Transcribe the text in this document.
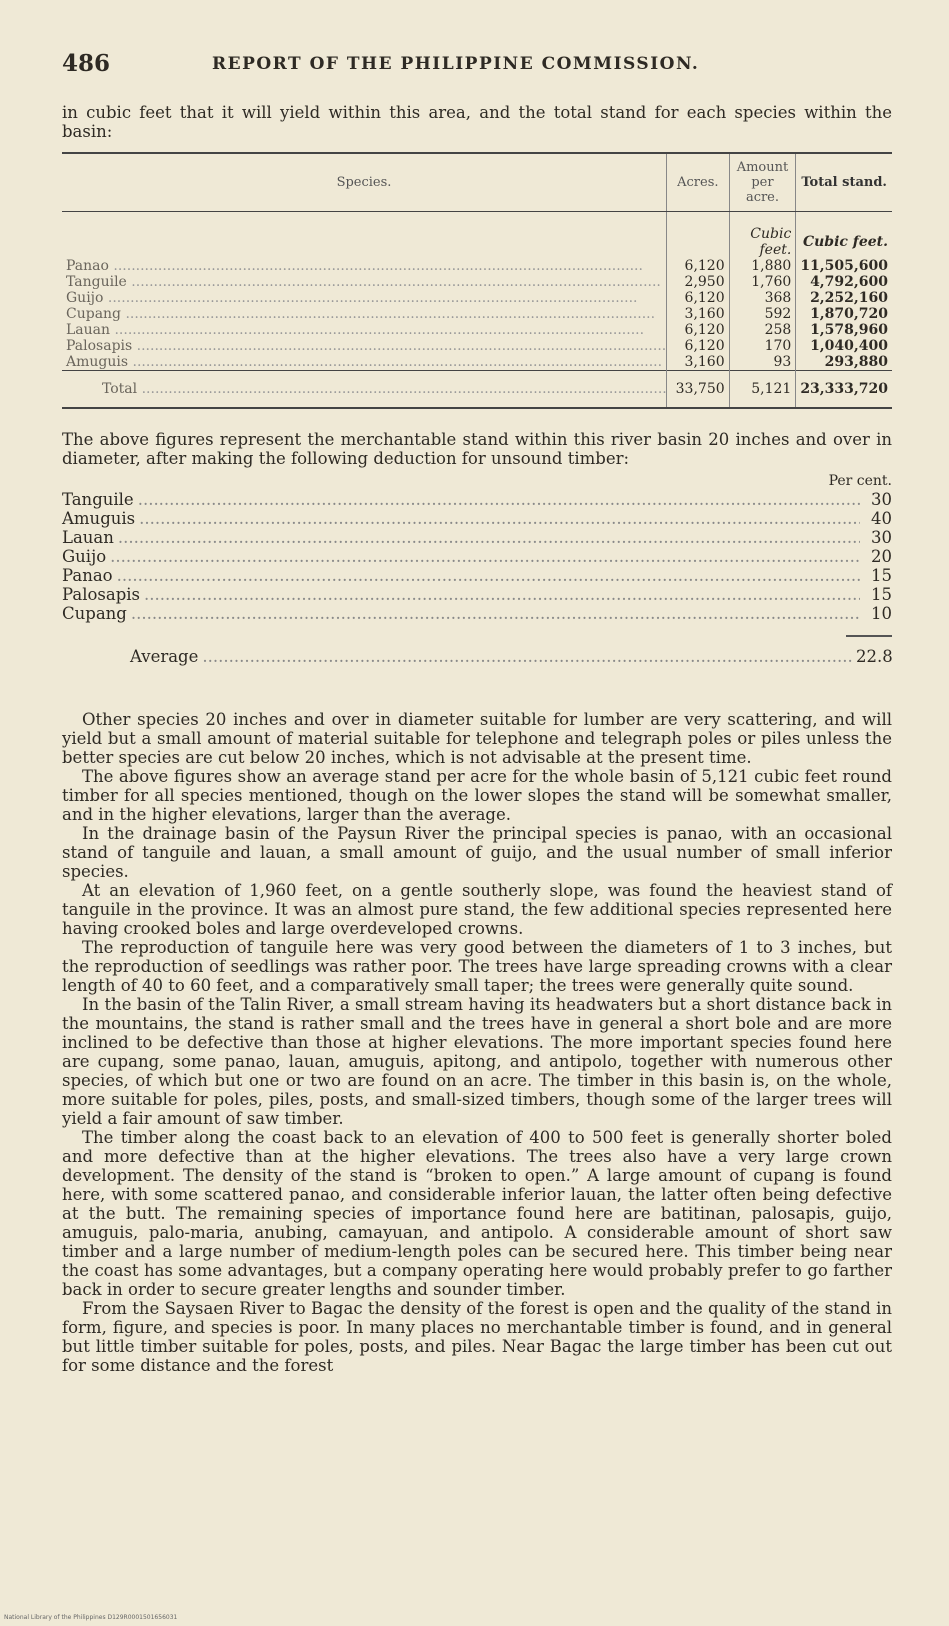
486	REPORT OF THE PHILIPPINE COMMISSION.
in cubic feet that it will yield within this area, and the total stand for each species within the basin:
Species.	Acres.	Amount per acre.	Total stand.
		Cubic feet.	Cubic feet.
Panao .....	6,120	1,880	11,505,600
Tanguile .....	2,950	1,760	4,792,600
Guijo .....	6,120	368	2,252,160
Cupang .....	3,160	592	1,870,720
Lauan .....	6,120	258	1,578,960
Palosapis .....	6,120	170	1,040,400
Amuguis .....	3,160	93	293,880
Total .....	33,750	5,121	23,333,720
The above figures represent the merchantable stand within this river basin 20 inches and over in diameter, after making the following deduction for unsound timber:
Per cent.
Tanguile .....	30
Amuguis .....	40
Lauan .....	30
Guijo .....	20
Panao .....	15
Palosapis .....	15
Cupang .....	10
Average .....	22.8

Other species 20 inches and over in diameter suitable for lumber are very scattering, and will yield but a small amount of material suitable for telephone and telegraph poles or piles unless the better species are cut below 20 inches, which is not advisable at the present time.

The above figures show an average stand per acre for the whole basin of 5,121 cubic feet round timber for all species mentioned, though on the lower slopes the stand will be somewhat smaller, and in the higher elevations, larger than the average.

In the drainage basin of the Paysun River the principal species is panao, with an occasional stand of tanguile and lauan, a small amount of guijo, and the usual number of small inferior species.

At an elevation of 1,960 feet, on a gentle southerly slope, was found the heaviest stand of tanguile in the province. It was an almost pure stand, the few additional species represented here having crooked boles and large overdeveloped crowns.

The reproduction of tanguile here was very good between the diameters of 1 to 3 inches, but the reproduction of seedlings was rather poor. The trees have large spreading crowns with a clear length of 40 to 60 feet, and a comparatively small taper; the trees were generally quite sound.

In the basin of the Talin River, a small stream having its headwaters but a short distance back in the mountains, the stand is rather small and the trees have in general a short bole and are more inclined to be defective than those at higher elevations. The more important species found here are cupang, some panao, lauan, amuguis, apitong, and antipolo, together with numerous other species, of which but one or two are found on an acre. The timber in this basin is, on the whole, more suitable for poles, piles, posts, and small-sized timbers, though some of the larger trees will yield a fair amount of saw timber.

The timber along the coast back to an elevation of 400 to 500 feet is generally shorter boled and more defective than at the higher elevations. The trees also have a very large crown development. The density of the stand is “broken to open.” A large amount of cupang is found here, with some scattered panao, and considerable inferior lauan, the latter often being defective at the butt. The remaining species of importance found here are batitinan, palosapis, guijo, amuguis, palo-maria, anubing, camayuan, and antipolo. A considerable amount of short saw timber and a large number of medium-length poles can be secured here. This timber being near the coast has some advantages, but a company operating here would probably prefer to go farther back in order to secure greater lengths and sounder timber.

From the Saysaen River to Bagac the density of the forest is open and the quality of the stand in form, figure, and species is poor. In many places no merchantable timber is found, and in general but little timber suitable for poles, posts, and piles. Near Bagac the large timber has been cut out for some distance and the forest

National Library of the Philippines D129R0001501656031
